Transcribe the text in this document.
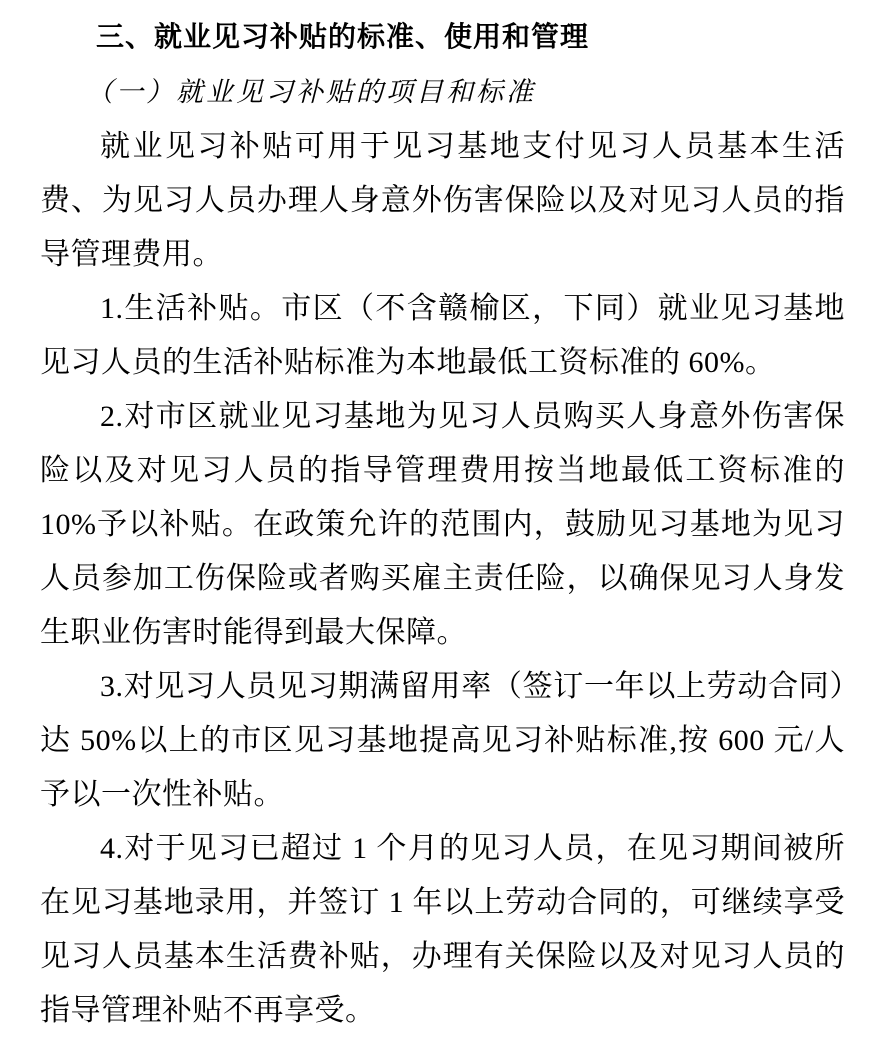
三、就业见习补贴的标准、使用和管理
（一）就业见习补贴的项目和标准

就业见习补贴可用于见习基地支付见习人员基本生活费、为见习人员办理人身意外伤害保险以及对见习人员的指导管理费用。

1.生活补贴。市区（不含赣榆区，下同）就业见习基地见习人员的生活补贴标准为本地最低工资标准的 60%。

2.对市区就业见习基地为见习人员购买人身意外伤害保险以及对见习人员的指导管理费用按当地最低工资标准的 10%予以补贴。在政策允许的范围内，鼓励见习基地为见习人员参加工伤保险或者购买雇主责任险，以确保见习人身发生职业伤害时能得到最大保障。

3.对见习人员见习期满留用率（签订一年以上劳动合同）达 50%以上的市区见习基地提高见习补贴标准,按 600 元/人予以一次性补贴。

4.对于见习已超过 1 个月的见习人员，在见习期间被所在见习基地录用，并签订 1 年以上劳动合同的，可继续享受见习人员基本生活费补贴，办理有关保险以及对见习人员的指导管理补贴不再享受。
